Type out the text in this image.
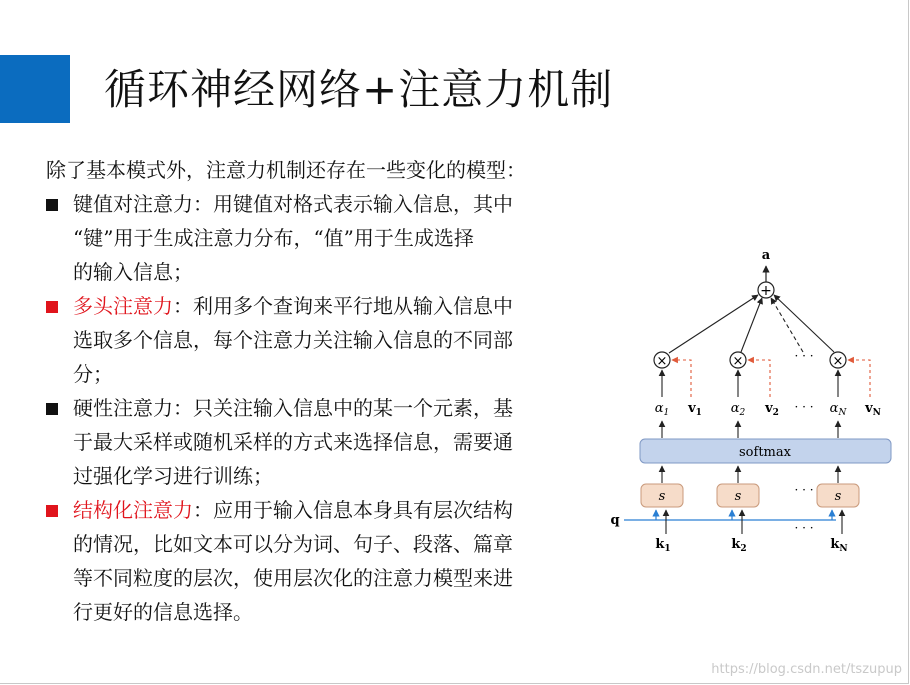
循环神经网络+注意力机制
除了基本模式外，注意力机制还存在一些变化的模型：
键值对注意力：用键值对格式表示输入信息，其中
“键”用于生成注意力分布，“值”用于生成选择
的输入信息；
多头注意力：利用多个查询来平行地从输入信息中
选取多个信息，每个注意力关注输入信息的不同部
分；
硬性注意力：只关注输入信息中的某一个元素，基
于最大采样或随机采样的方式来选择信息，需要通
过强化学习进行训练；
结构化注意力：应用于输入信息本身具有层次结构
的情况，比如文本可以分为词、句子、段落、篇章
等不同粒度的层次，使用层次化的注意力模型来进
行更好的信息选择。
a
+
×	×	· · · ×
$\alpha_1$ $v_1$ $\alpha_2$ $v_2$ · · · $\alpha_N$ $v_N$
softmax
s	s	· · · s
q
$k_1$	$k_2$
· · ·
$k_N$
https://blog.csdn.net/tszupup
